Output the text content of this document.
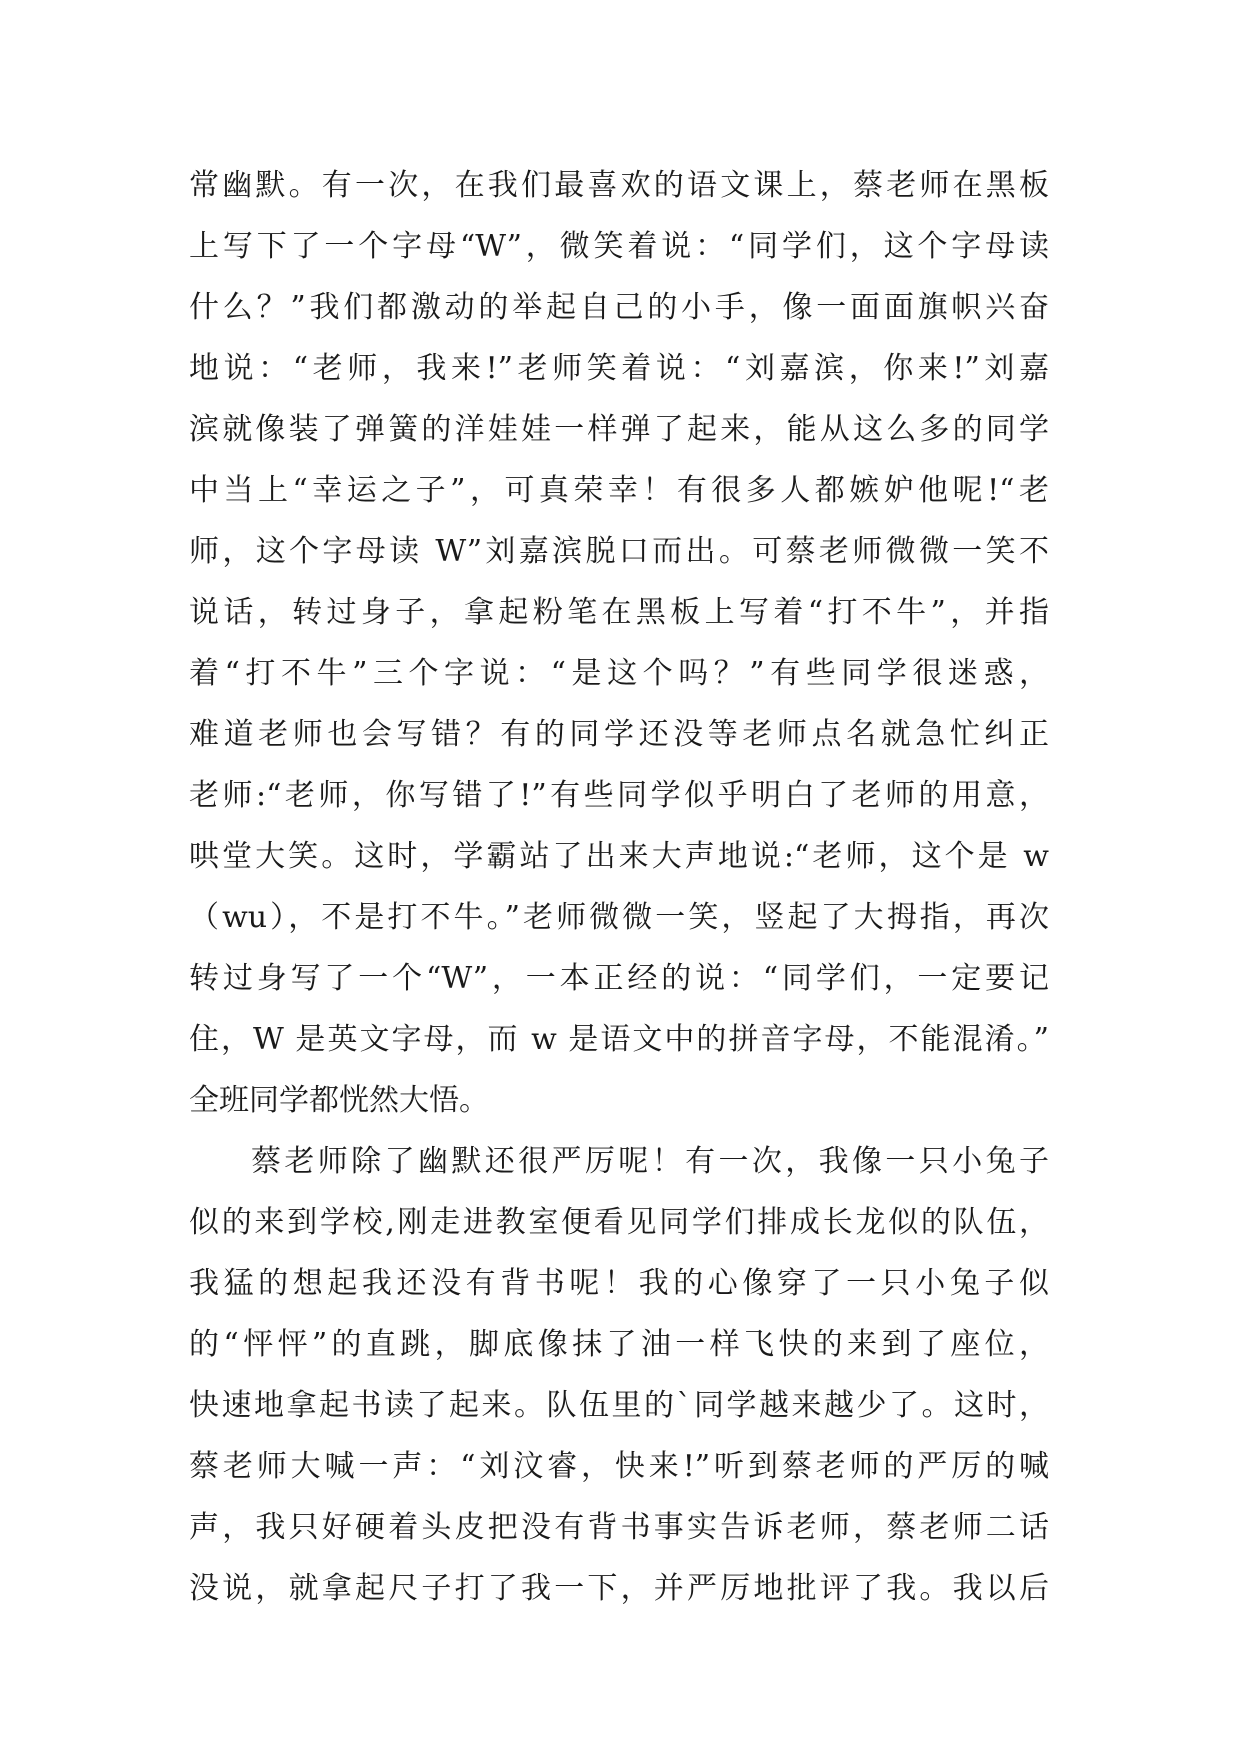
常幽默。有一次，在我们最喜欢的语文课上，蔡老师在黑板
上写下了一个字母“W”，微笑着说：“同学们，这个字母读
什么？”我们都激动的举起自己的小手，像一面面旗帜兴奋
地说：“老师，我来!”老师笑着说：“刘嘉滨，你来!”刘嘉
滨就像装了弹簧的洋娃娃一样弹了起来，能从这么多的同学
中当上“幸运之子”，可真荣幸！有很多人都嫉妒他呢!“老
师，这个字母读 W”刘嘉滨脱口而出。可蔡老师微微一笑不
说话，转过身子，拿起粉笔在黑板上写着“打不牛”，并指
着“打不牛”三个字说：“是这个吗？”有些同学很迷惑，
难道老师也会写错？有的同学还没等老师点名就急忙纠正
老师:“老师，你写错了!”有些同学似乎明白了老师的用意，
哄堂大笑。这时，学霸站了出来大声地说:“老师，这个是 w
（wu），不是打不牛。”老师微微一笑，竖起了大拇指，再次
转过身写了一个“W”，一本正经的说：“同学们，一定要记
住，W 是英文字母，而 w 是语文中的拼音字母，不能混淆。”
全班同学都恍然大悟。
蔡老师除了幽默还很严厉呢！有一次，我像一只小兔子
似的来到学校,刚走进教室便看见同学们排成长龙似的队伍，
我猛的想起我还没有背书呢！我的心像穿了一只小兔子似
的“怦怦”的直跳，脚底像抹了油一样飞快的来到了座位，
快速地拿起书读了起来。队伍里的`同学越来越少了。这时，
蔡老师大喊一声：“刘汶睿，快来!”听到蔡老师的严厉的喊
声，我只好硬着头皮把没有背书事实告诉老师，蔡老师二话
没说，就拿起尺子打了我一下，并严厉地批评了我。我以后
